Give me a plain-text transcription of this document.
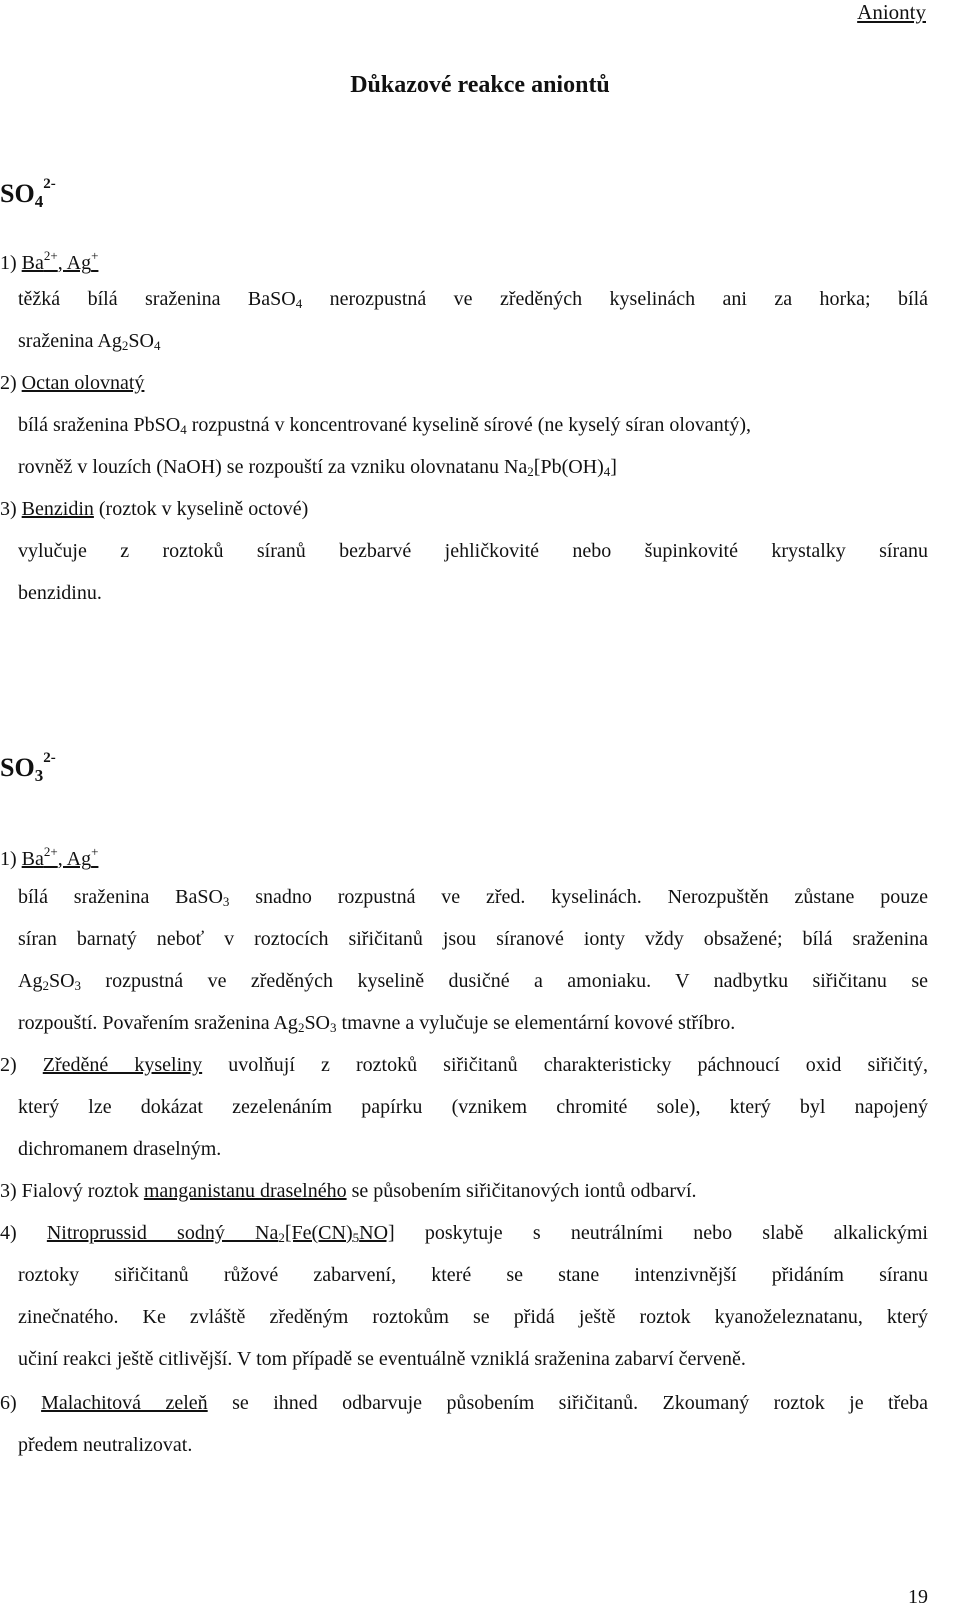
Anionty
Důkazové reakce aniontů
$SO_4^{2-}$
1) $Ba^{2+}$, Ag+
těžká bílá sraženina BaSO$_4$ nerozpustná ve zředěných kyselinách ani za horka; bílá
sraženina $Ag_2SO_4$
2) Octan olovnatý
bílá sraženina PbSO$_4$ rozpustná v koncentrované kyselině sírové (ne kyselý síran olovantý),
rovněž v louzích (NaOH) se rozpouští za vzniku olovnatanu $Na_2[Pb(OH)_4]$
3) Benzidin (roztok v kyselině octové)
vylučuje z roztoků síranů bezbarvé jehličkovité nebo šupinkovité krystalky síranu
benzidinu.
$SO_3^{2-}$
1) $Ba^{2+}$, Ag+
bílá sraženina BaSO$_3$ snadno rozpustná ve zřed. kyselinách. Nerozpuštěn zůstane pouze
síran barnatý neboť v roztocích siřičitanů jsou síranové ionty vždy obsažené; bílá sraženina
$Ag_2SO_3$ rozpustná ve zředěných kyselině dusičné a amoniaku. V nadbytku siřičitanu se
rozpouští. Povařením sraženina $Ag_2SO_3$ tmavne a vylučuje se elementární kovové stříbro.
2) Zředěné kyseliny uvolňují z roztoků siřičitanů charakteristicky páchnoucí oxid siřičitý,
který lze dokázat zezelenáním papírku (vznikem chromité sole), který byl napojený
dichromanem draselným.
3) Fialový roztok manganistanu draselného se působením siřičitanových iontů odbarví.
4) Nitroprussid sodný $Na_2[Fe(CN)_5NO]$ poskytuje s neutrálními nebo slabě alkalickými
roztoky siřičitanů růžové zabarvení, které se stane intenzivnější přidáním síranu
zinečnatého. Ke zvláště zředěným roztokům se přidá ještě roztok kyanoželeznatanu, který
učiní reakci ještě citlivější. V tom případě se eventuálně vzniklá sraženina zabarví červeně.
6) Malachitová zeleň se ihned odbarvuje působením siřičitanů. Zkoumaný roztok je třeba
předem neutralizovat.
19
